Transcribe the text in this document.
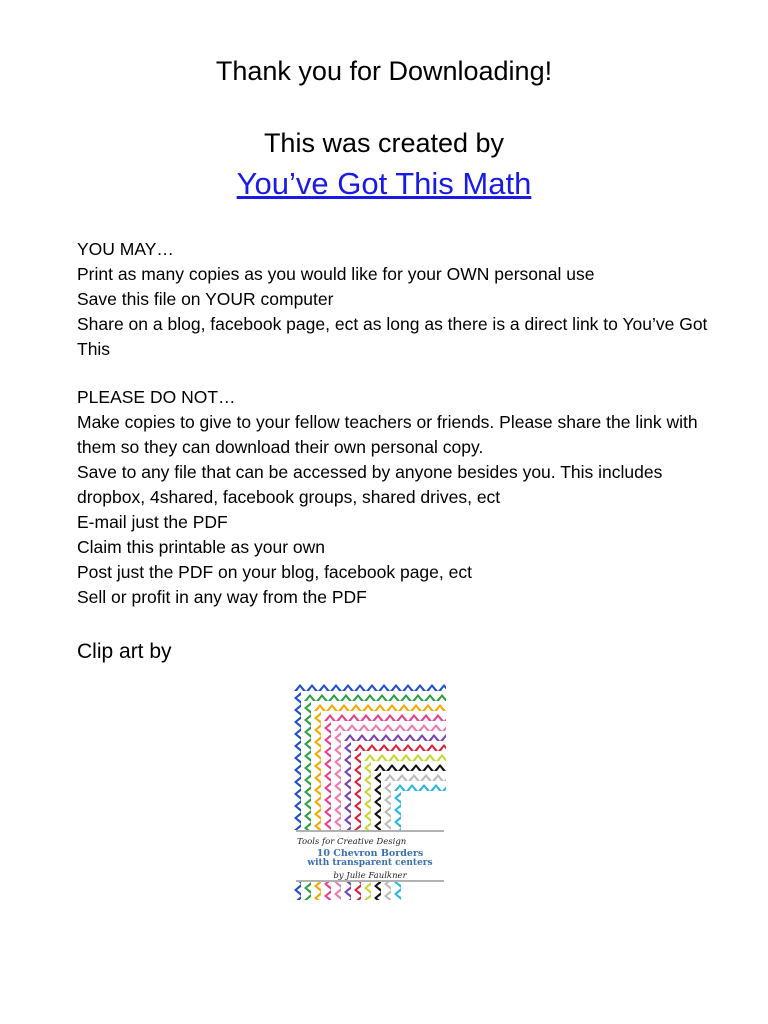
Thank you for Downloading!
This was created by
You’ve Got This Math
YOU MAY…
Print as many copies as you would like for your OWN personal use
Save this file on YOUR computer
Share on a blog, facebook page, ect as long as there is a direct link to You’ve Got This
PLEASE DO NOT…
Make copies to give to your fellow teachers or friends. Please share the link with them so they can download their own personal copy.
Save to any file that can be accessed by anyone besides you. This includes dropbox, 4shared, facebook groups, shared drives, ect
E-mail just the PDF
Claim this printable as your own
Post just the PDF on your blog, facebook page, ect
Sell or profit in any way from the PDF
Clip art by
Tools for Creative Design
10 Chevron Borders
with transparent centers
by Julie Faulkner
